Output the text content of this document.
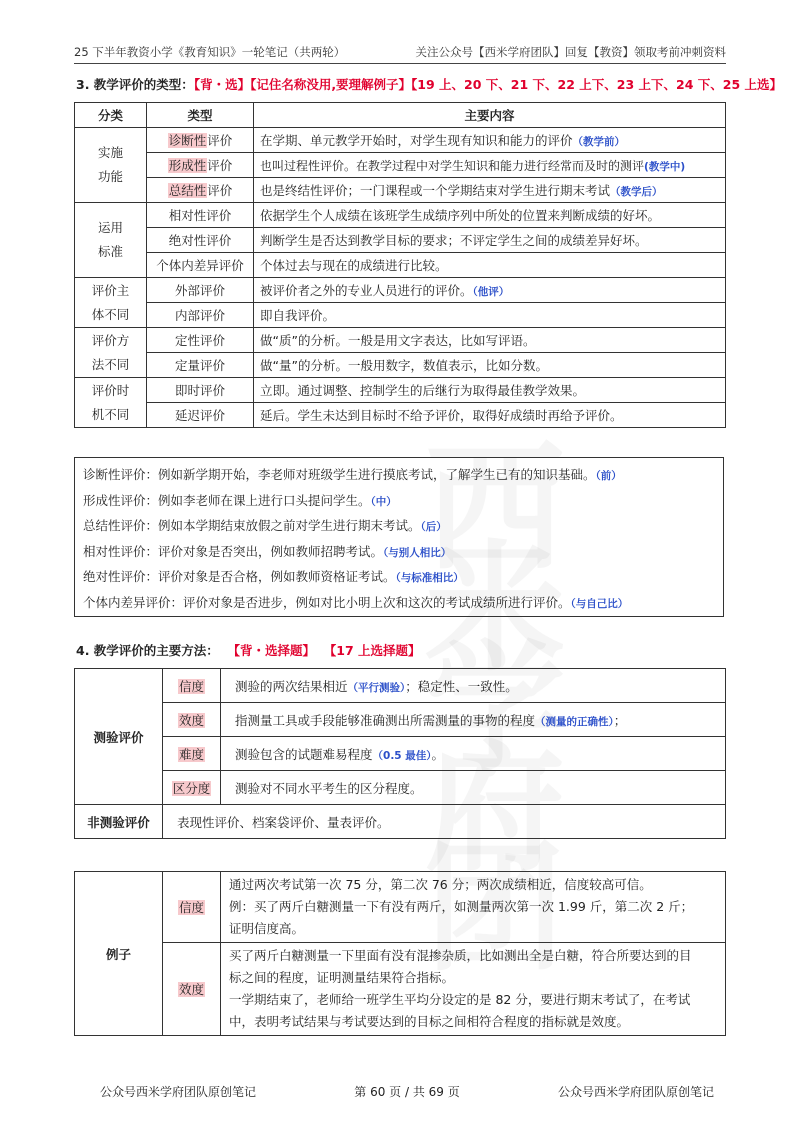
25 下半年教资小学《教育知识》一轮笔记（共两轮）	关注公众号【西米学府团队】回复【教资】领取考前冲刺资料
3. 教学评价的类型：【背・选】【记住名称没用,要理解例子】【19 上、20 下、21 下、22 上下、23 上下、24 下、25 上选】
分类	类型	主要内容
实施
功能	诊断性评价	在学期、单元教学开始时，对学生现有知识和能力的评价（教学前）
	形成性评价	也叫过程性评价。在教学过程中对学生知识和能力进行经常而及时的测评(教学中)
	总结性评价	也是终结性评价；一门课程或一个学期结束对学生进行期末考试（教学后）
运用
标准	相对性评价	依据学生个人成绩在该班学生成绩序列中所处的位置来判断成绩的好坏。
	绝对性评价	判断学生是否达到教学目标的要求；不评定学生之间的成绩差异好坏。
	个体内差异评价	个体过去与现在的成绩进行比较。
评价主
体不同	外部评价	被评价者之外的专业人员进行的评价。（他评）
	内部评价	即自我评价。
评价方
法不同	定性评价	做“质”的分析。一般是用文字表达，比如写评语。
	定量评价	做“量”的分析。一般用数字，数值表示，比如分数。
评价时
机不同	即时评价	立即。通过调整、控制学生的后继行为取得最佳教学效果。
	延迟评价	延后。学生未达到目标时不给予评价，取得好成绩时再给予评价。
诊断性评价：例如新学期开始，李老师对班级学生进行摸底考试，了解学生已有的知识基础。（前）
形成性评价：例如李老师在课上进行口头提问学生。（中）
总结性评价：例如本学期结束放假之前对学生进行期末考试。（后）
相对性评价：评价对象是否突出，例如教师招聘考试。（与别人相比）
绝对性评价：评价对象是否合格，例如教师资格证考试。（与标准相比）
个体内差异评价：评价对象是否进步，例如对比小明上次和这次的考试成绩所进行评价。（与自己比）
4. 教学评价的主要方法： 【背・选择题】 【17 上选择题】
测验评价	信度	测验的两次结果相近（平行测验）；稳定性、一致性。
	效度	指测量工具或手段能够准确测出所需测量的事物的程度（测量的正确性）；
	难度	测验包含的试题难易程度（0.5 最佳）。
	区分度	测验对不同水平考生的区分程度。
非测验评价	表现性评价、档案袋评价、量表评价。	
例子	信度	通过两次考试第一次 75 分，第二次 76 分；两次成绩相近，信度较高可信。
例：买了两斤白糖测量一下有没有两斤，如测量两次第一次 1.99 斤，第二次 2 斤；
证明信度高。

	效度	买了两斤白糖测量一下里面有没有混掺杂质，比如测出全是白糖，符合所要达到的目
标之间的程度，证明测量结果符合指标。
一学期结束了，老师给一班学生平均分设定的是 82 分，要进行期末考试了，在考试
中，表明考试结果与考试要达到的目标之间相符合程度的指标就是效度。
公众号西米学府团队原创笔记	第 60 页 / 共 69 页	公众号西米学府团队原创笔记
